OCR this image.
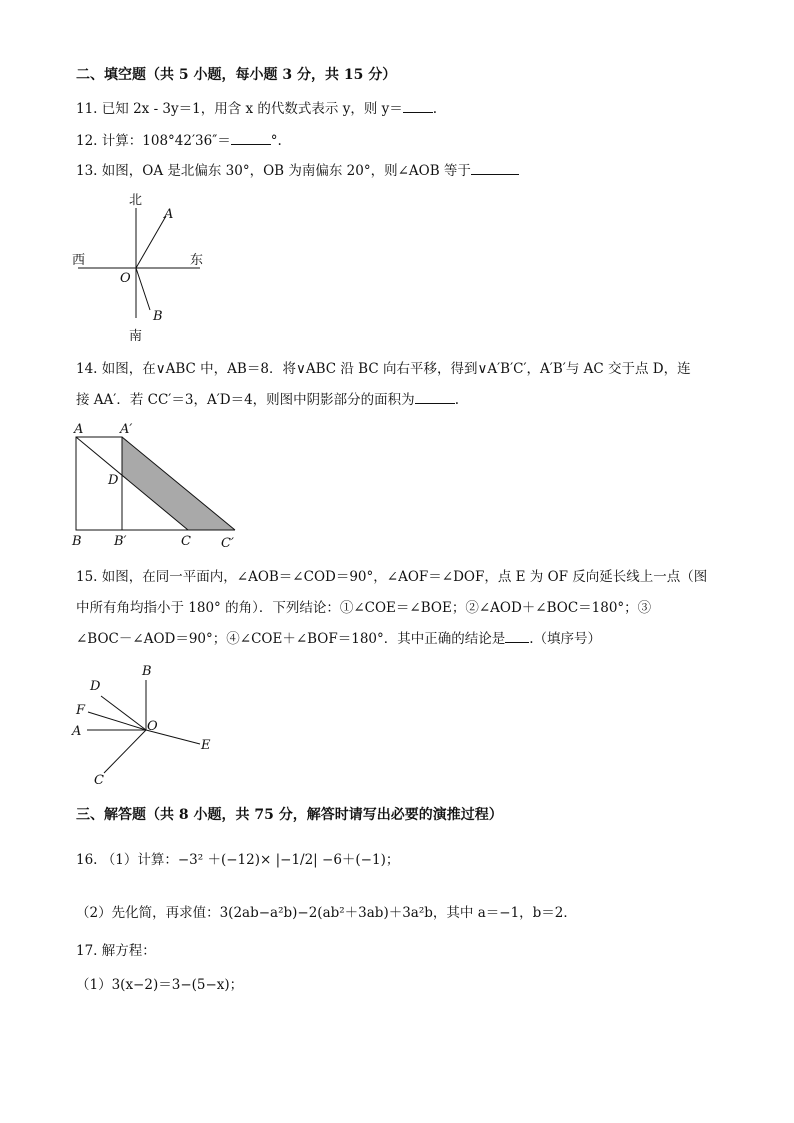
二、填空题（共 5 小题，每小题 3 分，共 15 分）
11. 已知 2x - 3y＝1，用含 x 的代数式表示 y，则 y＝ .
12. 计算：108°42′36″＝	°.
13. 如图，OA 是北偏东 30°，OB 为南偏东 20°，则∠AOB 等于
北
南
西	东
O
A
B
14. 如图，在∨ABC 中，AB＝8．将∨ABC 沿 BC 向右平移，得到∨A′B′C′，A′B′与 AC 交于点 D，连
接 AA′．若 CC′＝3，A′D＝4，则图中阴影部分的面积为	.
A	A′
D
B B′	C C′
15. 如图，在同一平面内，∠AOB＝∠COD＝90°，∠AOF＝∠DOF，点 E 为 OF 反向延长线上一点（图
中所有角均指小于 180° 的角）．下列结论：①∠COE＝∠BOE；②∠AOD＋∠BOC＝180°；③
∠BOC－∠AOD＝90°；④∠COE＋∠BOF＝180°．其中正确的结论是 .（填序号）
B
D
F
O
A
E
C
三、解答题（共 8 小题，共 75 分，解答时请写出必要的演推过程）
16. （1）计算：−3² ＋(−12)× |−1/2| −6＋(−1)；
（2）先化简，再求值：3(2ab−a²b)−2(ab²＋3ab)＋3a²b，其中 a＝−1，b＝2．
17. 解方程：
（1）3(x−2)＝3−(5−x)；
